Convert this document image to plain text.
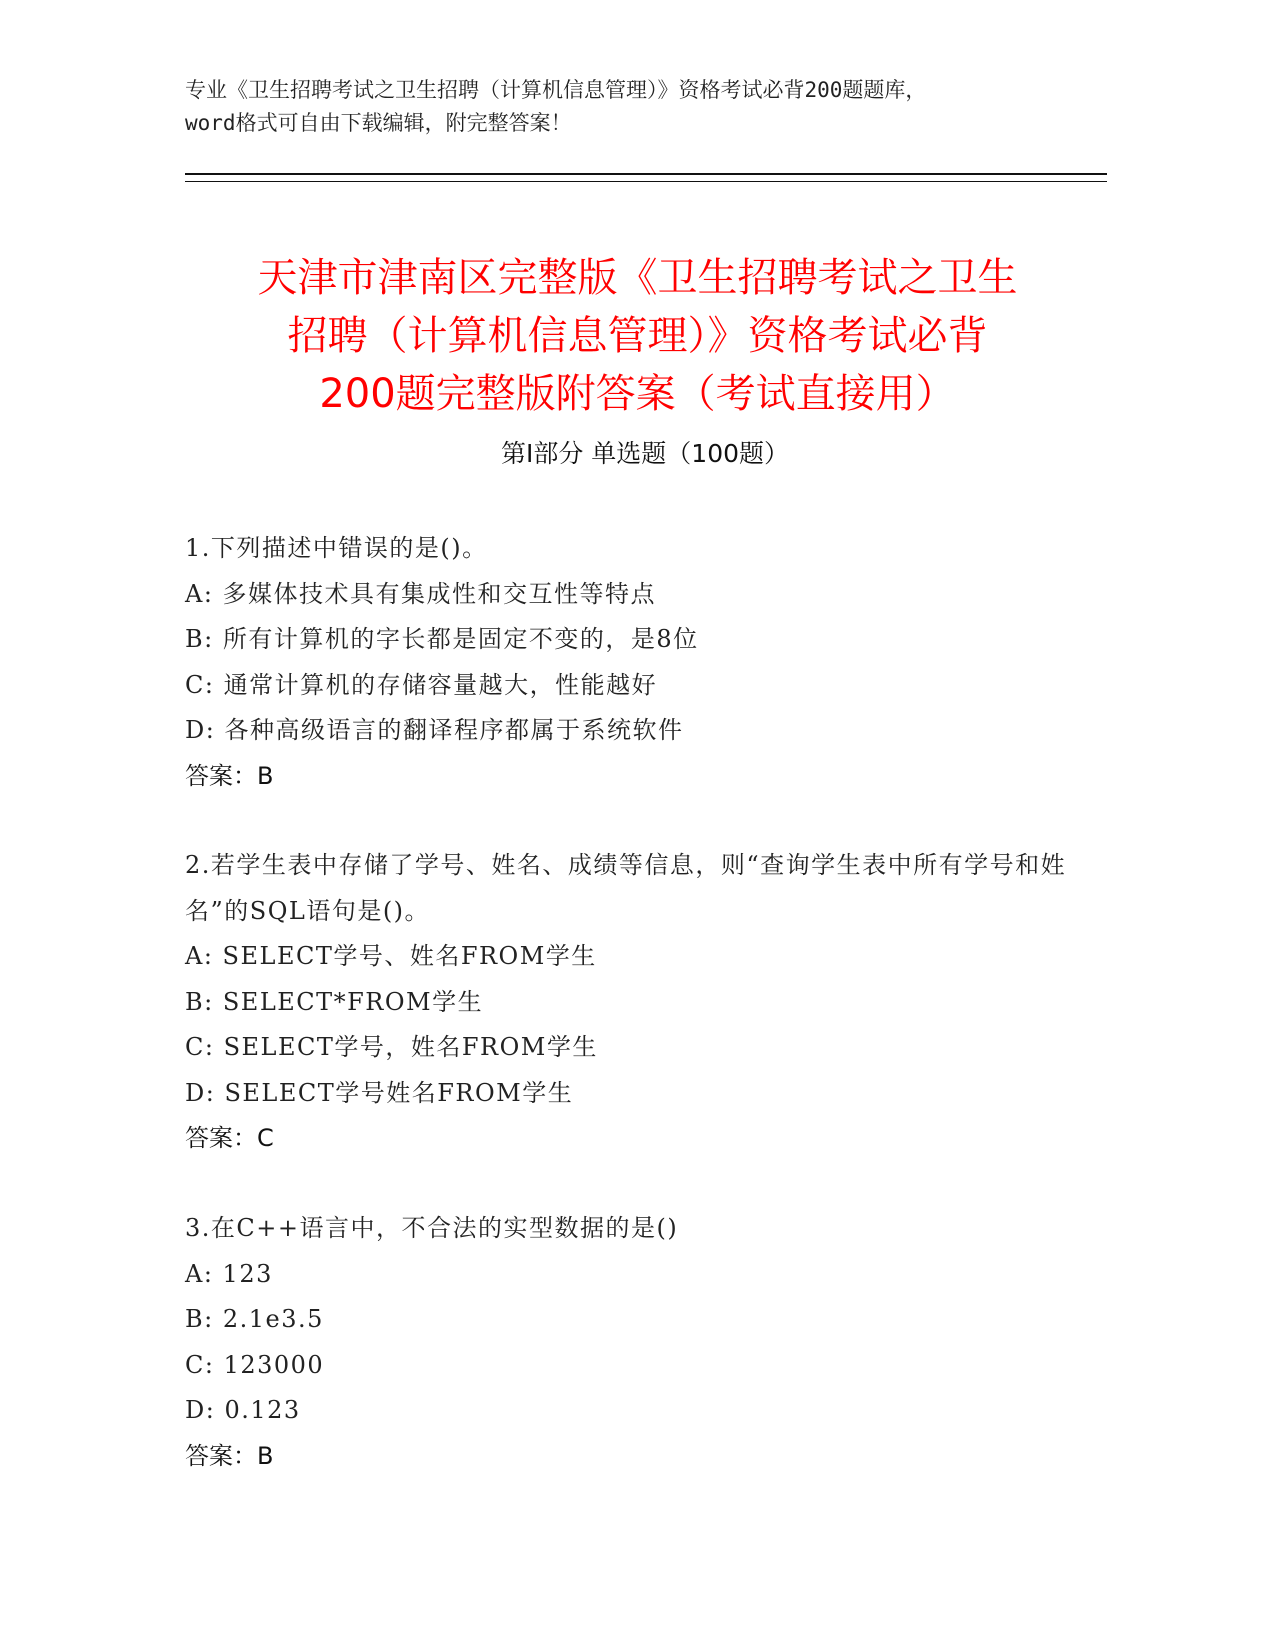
专业《卫生招聘考试之卫生招聘（计算机信息管理）》资格考试必背200题题库，
word格式可自由下载编辑，附完整答案！
天津市津南区完整版《卫生招聘考试之卫生
招聘（计算机信息管理）》资格考试必背
200题完整版附答案（考试直接用）
第Ⅰ部分 单选题（100题）

1.下列描述中错误的是()。

A: 多媒体技术具有集成性和交互性等特点

B: 所有计算机的字长都是固定不变的，是8位

C: 通常计算机的存储容量越大，性能越好

D: 各种高级语言的翻译程序都属于系统软件

答案：B

2.若学生表中存储了学号、姓名、成绩等信息，则“查询学生表中所有学号和姓名”的SQL语句是()。

A: SELECT学号、姓名FROM学生

B: SELECT*FROM学生

C: SELECT学号，姓名FROM学生

D: SELECT学号姓名FROM学生

答案：C

3.在C++语言中，不合法的实型数据的是()

A: 123

B: 2.1e3.5

C: 123000

D: 0.123

答案：B
